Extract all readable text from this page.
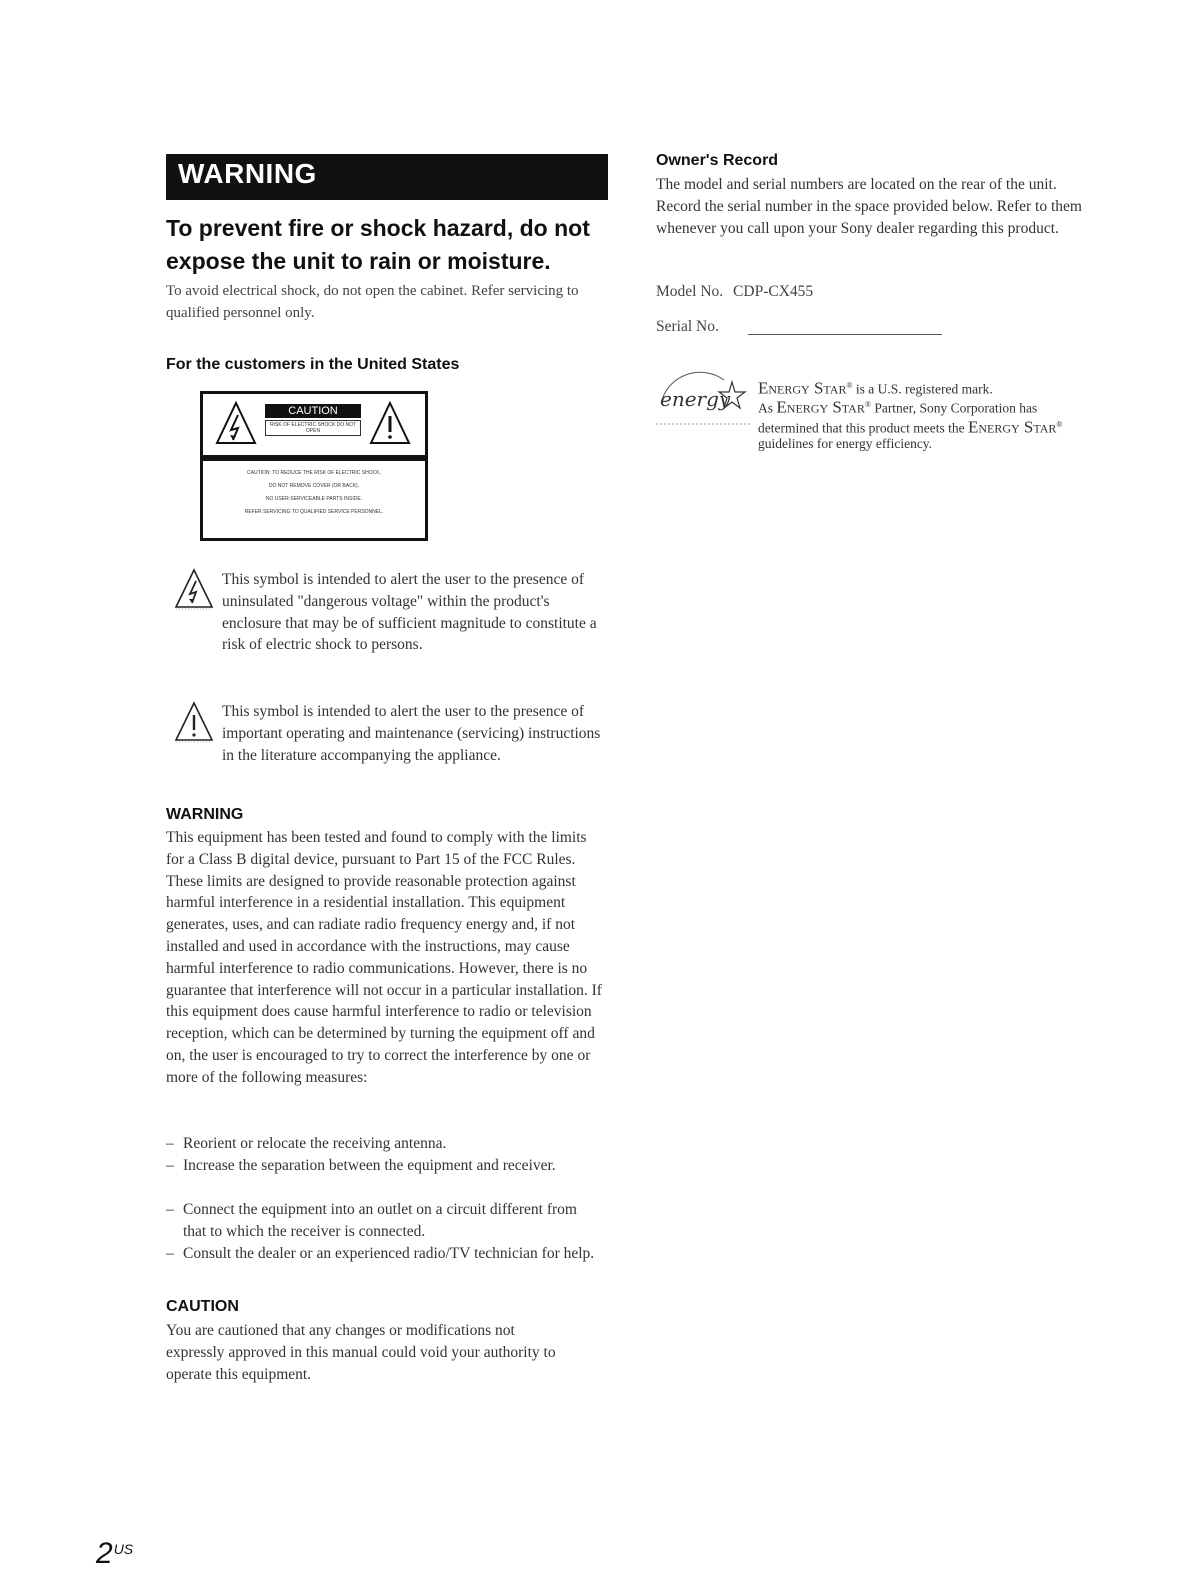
WARNING
To prevent fire or shock hazard, do not expose the unit to rain or moisture.

To avoid electrical shock, do not open the cabinet. Refer servicing to qualified personnel only.

For the customers in the United States

CAUTION
RISK OF ELECTRIC SHOCK DO NOT OPEN
CAUTION: TO REDUCE THE RISK OF ELECTRIC SHOCK,
DO NOT REMOVE COVER (OR BACK).
NO USER-SERVICEABLE PARTS INSIDE.
REFER SERVICING TO QUALIFIED SERVICE PERSONNEL.

This symbol is intended to alert the user to the presence of uninsulated "dangerous voltage" within the product's enclosure that may be of sufficient magnitude to constitute a risk of electric shock to persons.

This symbol is intended to alert the user to the presence of important operating and maintenance (servicing) instructions in the literature accompanying the appliance.

WARNING

This equipment has been tested and found to comply with the limits for a Class B digital device, pursuant to Part 15 of the FCC Rules. These limits are designed to provide reasonable protection against harmful interference in a residential installation. This equipment generates, uses, and can radiate radio frequency energy and, if not installed and used in accordance with the instructions, may cause harmful interference to radio communications. However, there is no guarantee that interference will not occur in a particular installation. If this equipment does cause harmful interference to radio or television reception, which can be determined by turning the equipment off and on, the user is encouraged to try to correct the interference by one or more of the following measures:

– Reorient or relocate the receiving antenna.
– Increase the separation between the equipment and receiver.
– Connect the equipment into an outlet on a circuit different from that to which the receiver is connected.
– Consult the dealer or an experienced radio/TV technician for help.

CAUTION

You are cautioned that any changes or modifications not expressly approved in this manual could void your authority to operate this equipment.

Owner's Record

The model and serial numbers are located on the rear of the unit. Record the serial number in the space provided below. Refer to them whenever you call upon your Sony dealer regarding this product.

Model No. CDP-CX455
Serial No.
energy Energy Star® is a U.S. registered mark.
As Energy Star® Partner, Sony Corporation has determined that this product meets the Energy Star® guidelines for energy efficiency.

$2^{US}$
